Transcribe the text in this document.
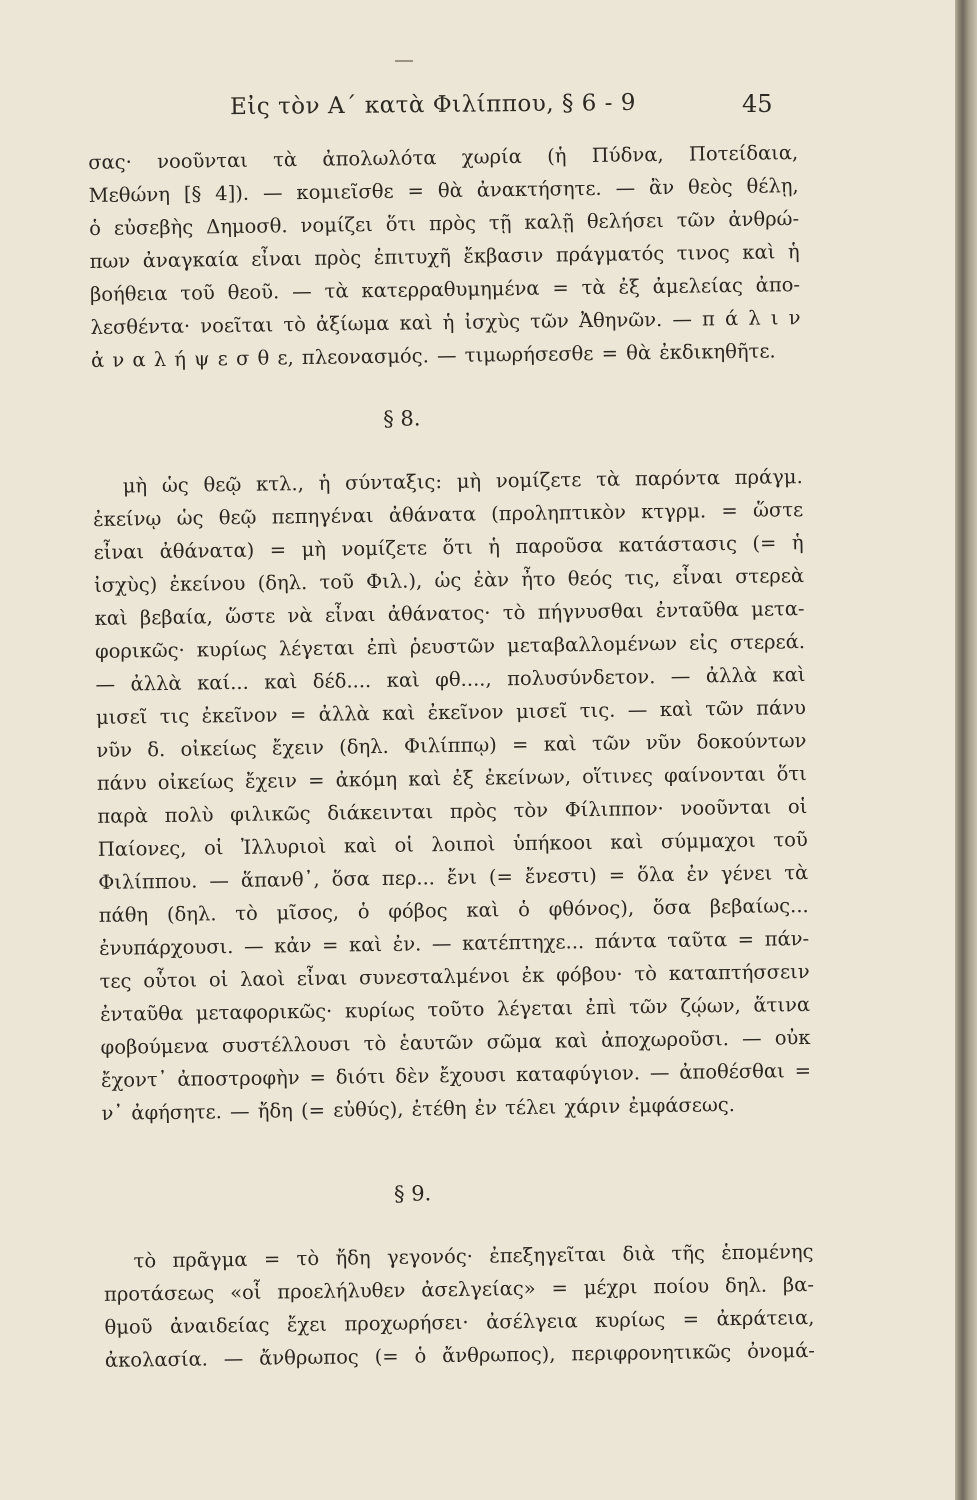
Εἰς τὸν Α΄ κατὰ Φιλίππου, § 6 - 9	45
σας· νοοῦνται τὰ ἀπολωλότα χωρία (ἡ Πύδνα, Ποτείδαια,
Μεθώνη [§ 4]). — κομιεῖσθε = θὰ ἀνακτήσητε. — ἂν θεὸς θέλῃ,
ὁ εὐσεβὴς Δημοσθ. νομίζει ὅτι πρὸς τῇ καλῇ θελήσει τῶν ἀνθρώ-
πων ἀναγκαία εἶναι πρὸς ἐπιτυχῆ ἔκβασιν πράγματός τινος καὶ ἡ
βοήθεια τοῦ θεοῦ. — τὰ κατερραθυμημένα = τὰ ἐξ ἀμελείας ἀπο-
λεσθέντα· νοεῖται τὸ ἀξίωμα καὶ ἡ ἰσχὺς τῶν Ἀθηνῶν. — π ά λ ι ν
ἀ ν α λ ή ψ ε σ θ ε, πλεονασμός. — τιμωρήσεσθε = θὰ ἐκδικηθῆτε.
§ 8.
μὴ ὡς θεῷ κτλ., ἡ σύνταξις: μὴ νομίζετε τὰ παρόντα πράγμ.
ἐκείνῳ ὡς θεῷ πεπηγέναι ἀθάνατα (προληπτικὸν κτγρμ. = ὥστε
εἶναι ἀθάνατα) = μὴ νομίζετε ὅτι ἡ παροῦσα κατάστασις (= ἡ
ἰσχὺς) ἐκείνου (δηλ. τοῦ Φιλ.), ὡς ἐὰν ἦτο θεός τις, εἶναι στερεὰ
καὶ βεβαία, ὥστε νὰ εἶναι ἀθάνατος· τὸ πήγνυσθαι ἐνταῦθα μετα-
φορικῶς· κυρίως λέγεται ἐπὶ ῥευστῶν μεταβαλλομένων εἰς στερεά.
— ἀλλὰ καί... καὶ δέδ.... καὶ φθ...., πολυσύνδετον. — ἀλλὰ καὶ
μισεῖ τις ἐκεῖνον = ἀλλὰ καὶ ἐκεῖνον μισεῖ τις. — καὶ τῶν πάνυ
νῦν δ. οἰκείως ἔχειν (δηλ. Φιλίππῳ) = καὶ τῶν νῦν δοκούντων
πάνυ οἰκείως ἔχειν = ἀκόμη καὶ ἐξ ἐκείνων, οἵτινες φαίνονται ὅτι
παρὰ πολὺ φιλικῶς διάκεινται πρὸς τὸν Φίλιππον· νοοῦνται οἱ
Παίονες, οἱ Ἰλλυριοὶ καὶ οἱ λοιποὶ ὑπήκοοι καὶ σύμμαχοι τοῦ
Φιλίππου. — ἅπανθ᾽, ὅσα περ... ἔνι (= ἔνεστι) = ὅλα ἐν γένει τὰ
πάθη (δηλ. τὸ μῖσος, ὁ φόβος καὶ ὁ φθόνος), ὅσα βεβαίως...
ἐνυπάρχουσι. — κἀν = καὶ ἐν. — κατέπτηχε... πάντα ταῦτα = πάν-
τες οὗτοι οἱ λαοὶ εἶναι συνεσταλμένοι ἐκ φόβου· τὸ καταπτήσσειν
ἐνταῦθα μεταφορικῶς· κυρίως τοῦτο λέγεται ἐπὶ τῶν ζῴων, ἅτινα
φοβούμενα συστέλλουσι τὸ ἑαυτῶν σῶμα καὶ ἀποχωροῦσι. — οὐκ
ἔχοντ᾽ ἀποστροφὴν = διότι δὲν ἔχουσι καταφύγιον. — ἀποθέσθαι =
ν᾽ ἀφήσητε. — ἤδη (= εὐθύς), ἐτέθη ἐν τέλει χάριν ἐμφάσεως.
§ 9.
τὸ πρᾶγμα = τὸ ἤδη γεγονός· ἐπεξηγεῖται διὰ τῆς ἑπομένης
προτάσεως «οἷ προελήλυθεν ἀσελγείας» = μέχρι ποίου δηλ. βα-
θμοῦ ἀναιδείας ἔχει προχωρήσει· ἀσέλγεια κυρίως = ἀκράτεια,
ἀκολασία. — ἄνθρωπος (= ὁ ἄνθρωπος), περιφρονητικῶς ὀνομά-
